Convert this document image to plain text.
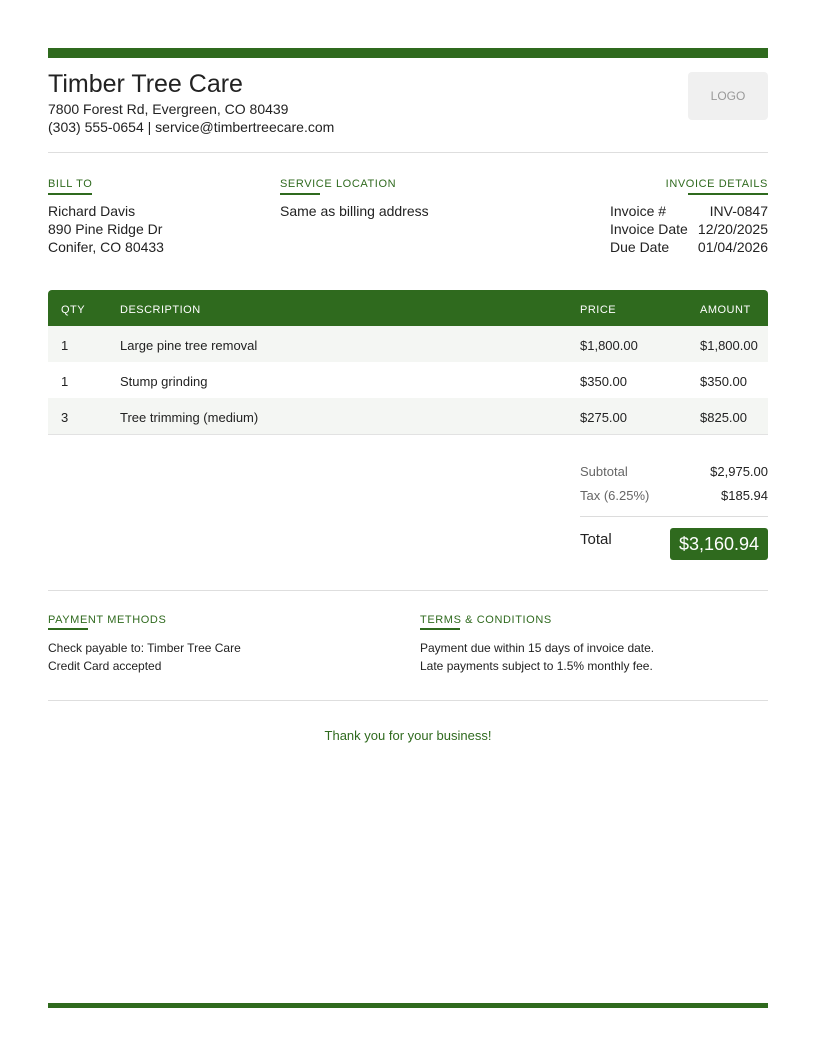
Timber Tree Care
7800 Forest Rd, Evergreen, CO 80439
(303) 555-0654 | service@timbertreecare.com
LOGO
BILL TO
Richard Davis
890 Pine Ridge Dr
Conifer, CO 80433
SERVICE LOCATION
Same as billing address
INVOICE DETAILS
Invoice #	INV-0847
Invoice Date 12/20/2025
Due Date 01/04/2026
QTY	DESCRIPTION	PRICE	AMOUNT
1	Large pine tree removal	$1,800.00	$1,800.00
1	Stump grinding	$350.00	$350.00
3	Tree trimming (medium)	$275.00	$825.00
Subtotal	$2,975.00
Tax (6.25%)	$185.94
Total	$3,160.94
PAYMENT METHODS
Check payable to: Timber Tree Care
Credit Card accepted
TERMS & CONDITIONS
Payment due within 15 days of invoice date.
Late payments subject to 1.5% monthly fee.
Thank you for your business!
